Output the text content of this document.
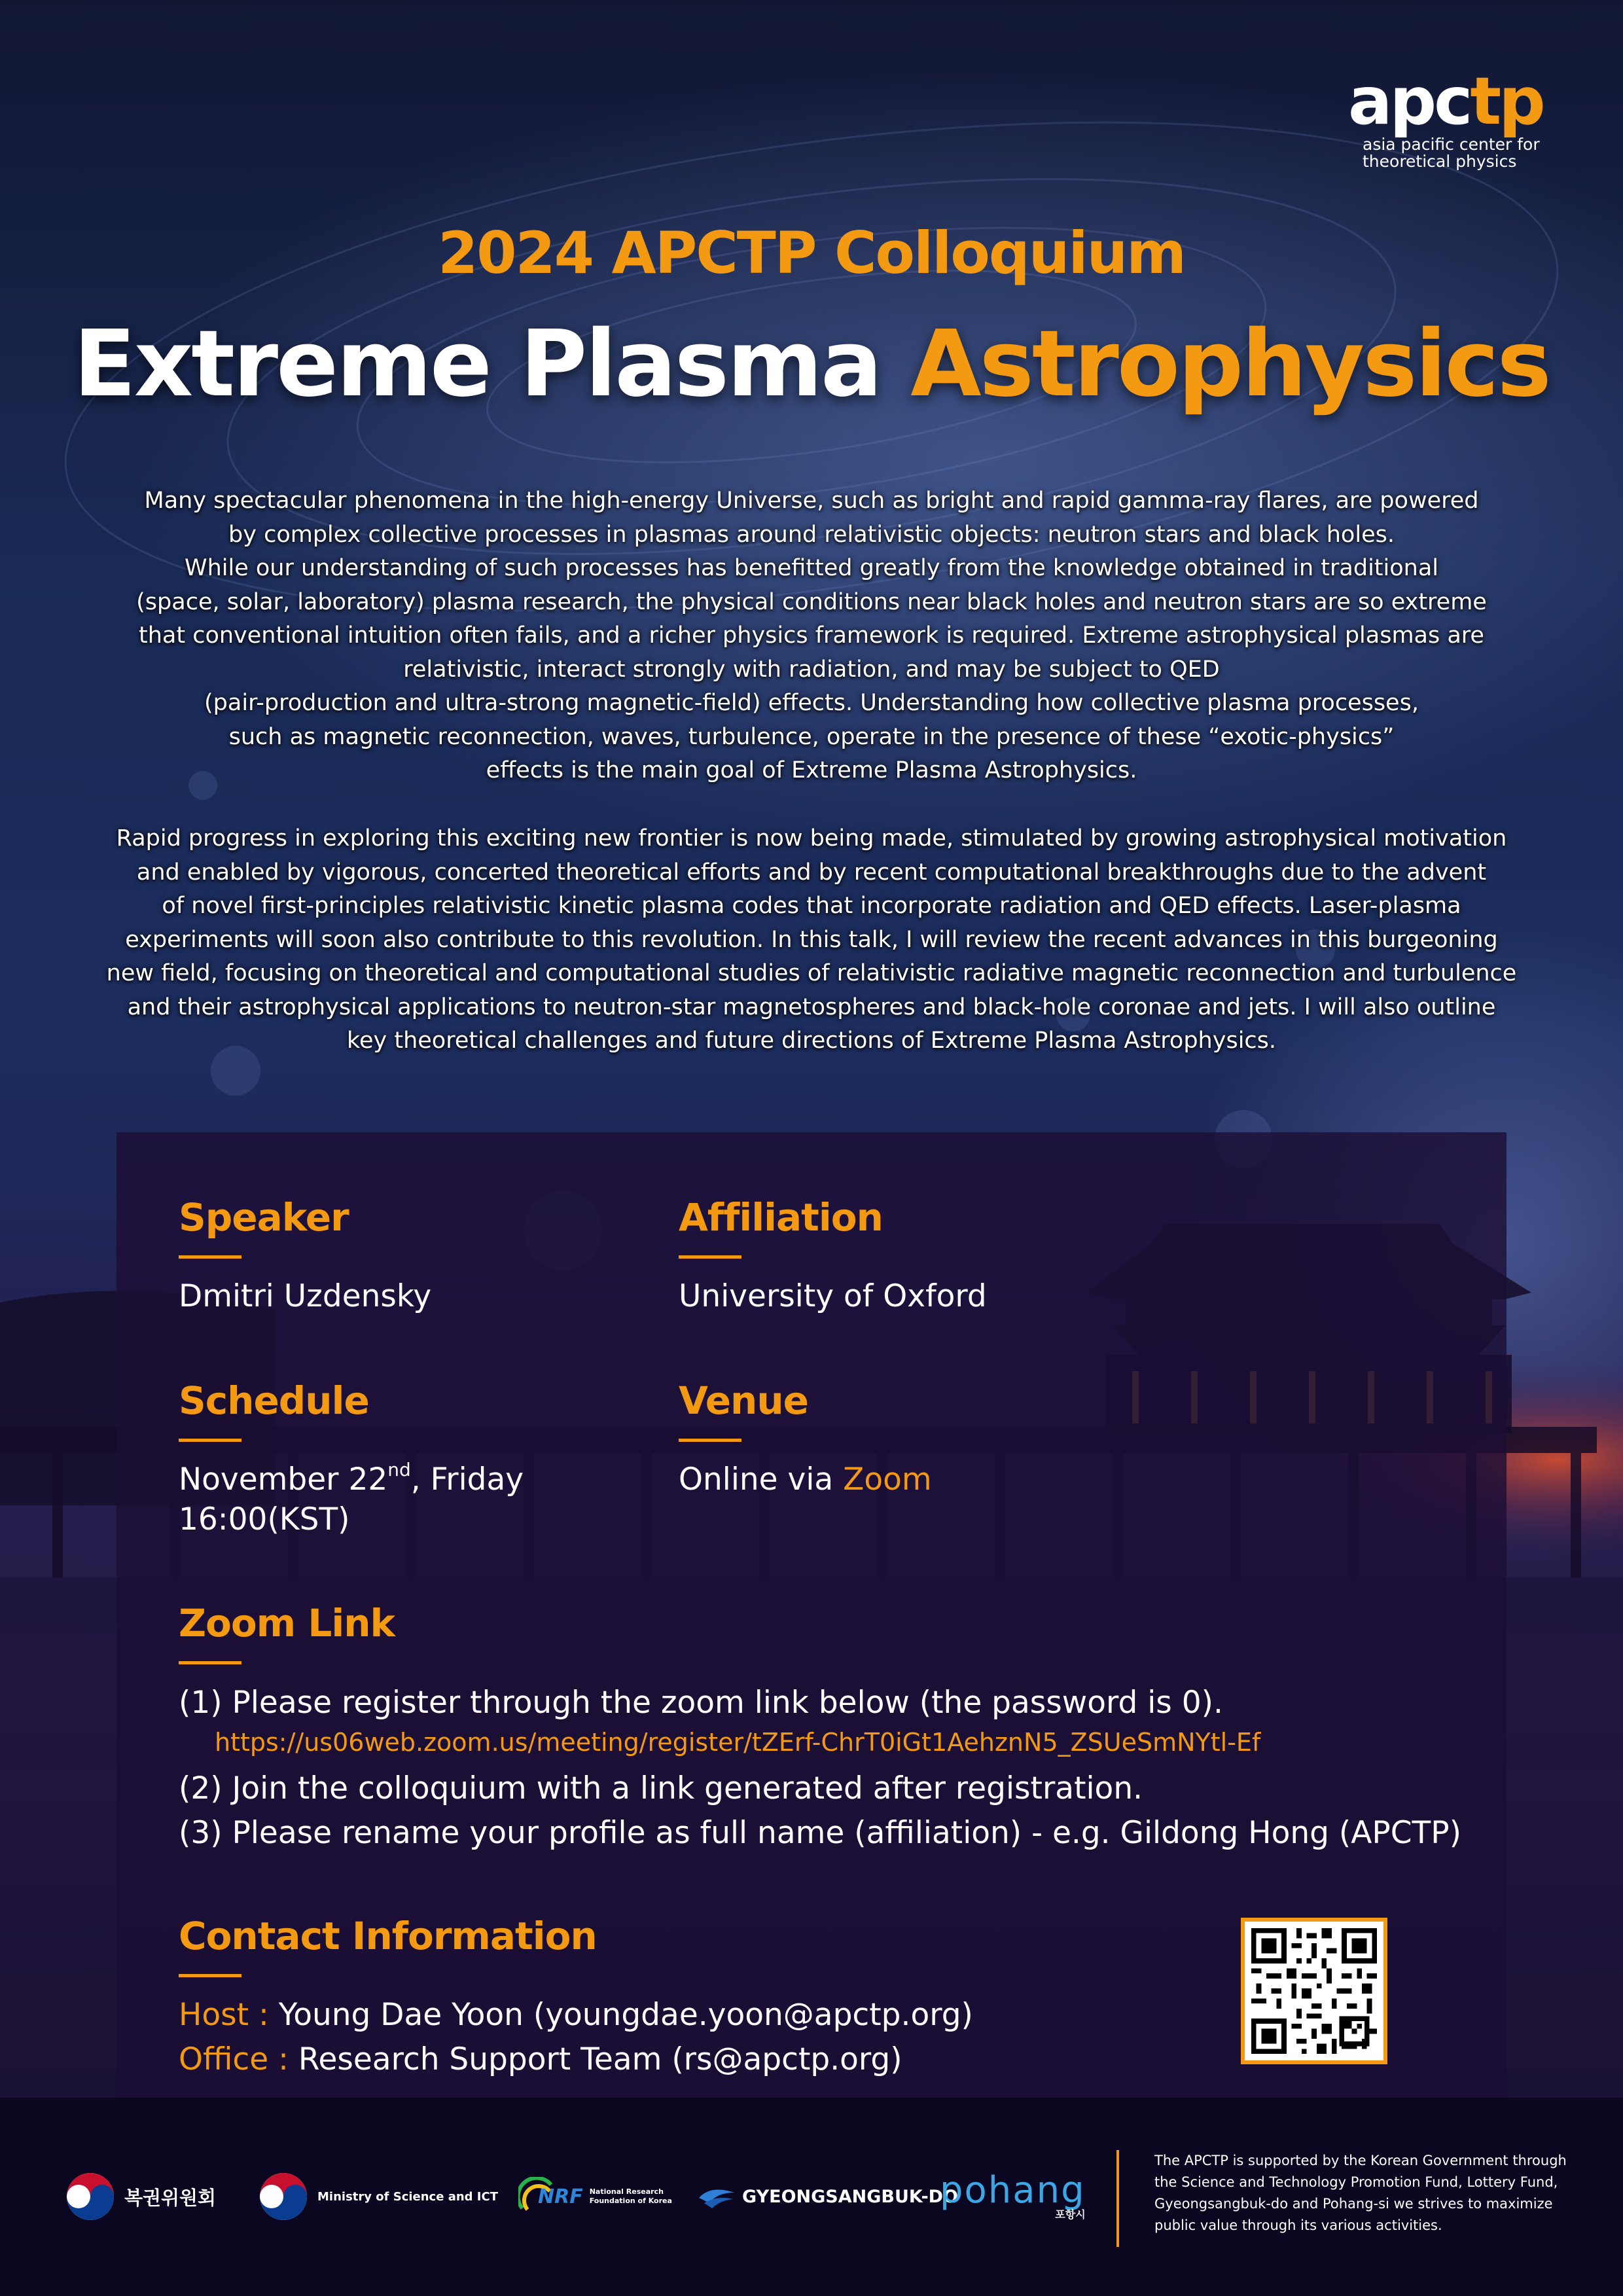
apctp
asia pacific center for
theoretical physics
2024 APCTP Colloquium
Extreme Plasma Astrophysics
Many spectacular phenomena in the high-energy Universe, such as bright and rapid gamma-ray flares, are powered
by complex collective processes in plasmas around relativistic objects: neutron stars and black holes.
While our understanding of such processes has benefitted greatly from the knowledge obtained in traditional
(space, solar, laboratory) plasma research, the physical conditions near black holes and neutron stars are so extreme
that conventional intuition often fails, and a richer physics framework is required. Extreme astrophysical plasmas are
relativistic, interact strongly with radiation, and may be subject to QED
(pair-production and ultra-strong magnetic-field) effects. Understanding how collective plasma processes,
such as magnetic reconnection, waves, turbulence, operate in the presence of these “exotic-physics”
effects is the main goal of Extreme Plasma Astrophysics.
Rapid progress in exploring this exciting new frontier is now being made, stimulated by growing astrophysical motivation
and enabled by vigorous, concerted theoretical efforts and by recent computational breakthroughs due to the advent
of novel first-principles relativistic kinetic plasma codes that incorporate radiation and QED effects. Laser-plasma
experiments will soon also contribute to this revolution. In this talk, I will review the recent advances in this burgeoning
new field, focusing on theoretical and computational studies of relativistic radiative magnetic reconnection and turbulence
and their astrophysical applications to neutron-star magnetospheres and black-hole coronae and jets. I will also outline
key theoretical challenges and future directions of Extreme Plasma Astrophysics.
Speaker
Dmitri Uzdensky
Affiliation
University of Oxford
Schedule
November 22nd, Friday
16:00(KST)
Venue
Online via Zoom
Zoom Link
(1) Please register through the zoom link below (the password is 0).
https://us06web.zoom.us/meeting/register/tZErf-ChrT0iGt1AehznN5_ZSUeSmNYtl-Ef
(2) Join the colloquium with a link generated after registration.
(3) Please rename your profile as full name (affiliation) - e.g. Gildong Hong (APCTP)
Contact Information
Host : Young Dae Yoon (youngdae.yoon@apctp.org)
Office : Research Support Team (rs@apctp.org)
복권위원회	Ministry of Science and ICT NRF National Research
Foundation of Korea	GYEONGSANGBUK-DO
pohang
포항시
The APCTP is supported by the Korean Government through
the Science and Technology Promotion Fund, Lottery Fund,
Gyeongsangbuk-do and Pohang-si we strives to maximize
public value through its various activities.
